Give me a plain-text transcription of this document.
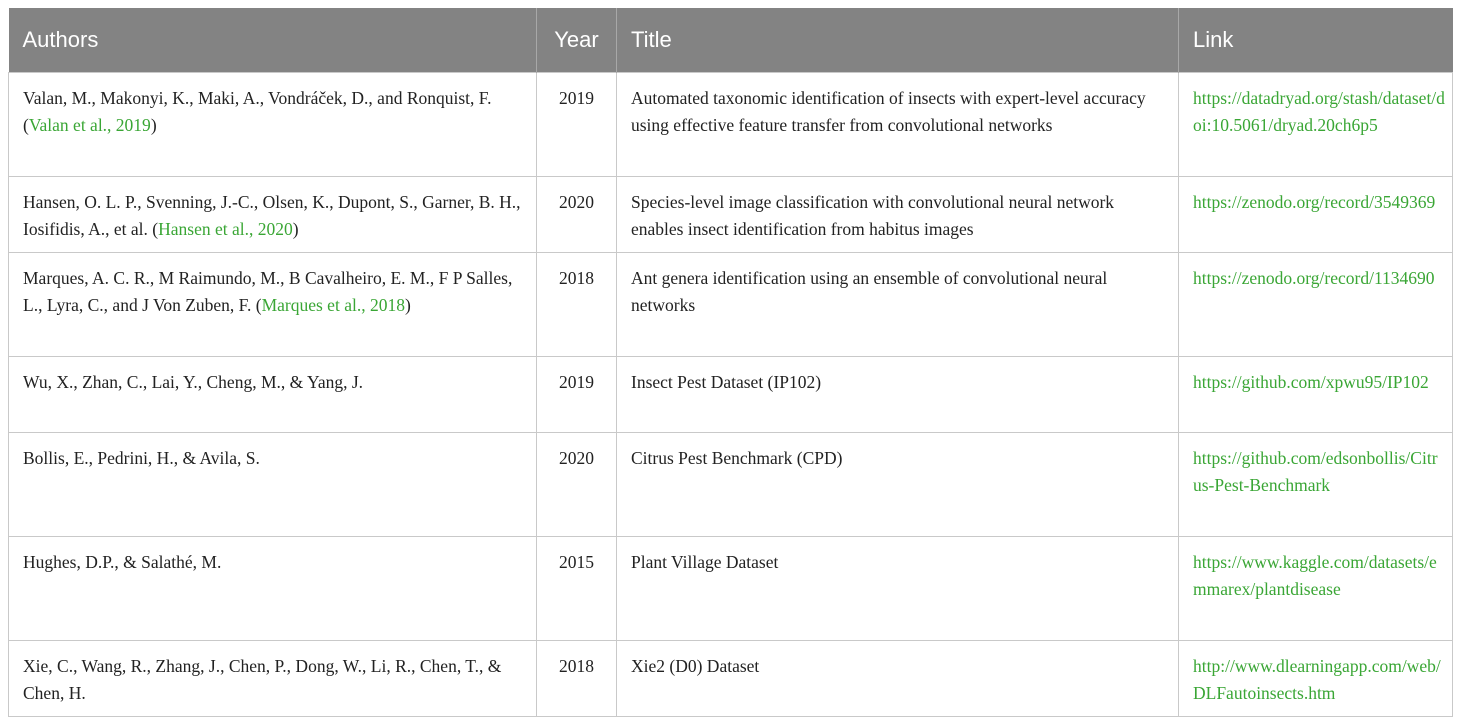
Authors	Year	Title	Link
Valan, M., Makonyi, K., Maki, A., Vondráček, D., and Ronquist, F. (Valan et al., 2019)	2019	Automated taxonomic identification of insects with expert-level accuracy using effective feature transfer from convolutional networks	https://datadryad.org/stash/dataset/doi:10.5061/dryad.20ch6p5
Hansen, O. L. P., Svenning, J.-C., Olsen, K., Dupont, S., Garner, B. H., Iosifidis, A., et al. (Hansen et al., 2020)	2020	Species-level image classification with convolutional neural network enables insect identification from habitus images	https://zenodo.org/record/3549369
Marques, A. C. R., M Raimundo, M., B Cavalheiro, E. M., F P Salles, L., Lyra, C., and J Von Zuben, F. (Marques et al., 2018)	2018	Ant genera identification using an ensemble of convolutional neural networks	https://zenodo.org/record/1134690
Wu, X., Zhan, C., Lai, Y., Cheng, M., & Yang, J.	2019	Insect Pest Dataset (IP102)	https://github.com/xpwu95/IP102
Bollis, E., Pedrini, H., & Avila, S.	2020	Citrus Pest Benchmark (CPD)	https://github.com/edsonbollis/Citrus-Pest-Benchmark
Hughes, D.P., & Salathé, M.	2015	Plant Village Dataset	https://www.kaggle.com/datasets/emmarex/plantdisease
Xie, C., Wang, R., Zhang, J., Chen, P., Dong, W., Li, R., Chen, T., & Chen, H.	2018	Xie2 (D0) Dataset	http://www.dlearningapp.com/web/DLFautoinsects.htm
